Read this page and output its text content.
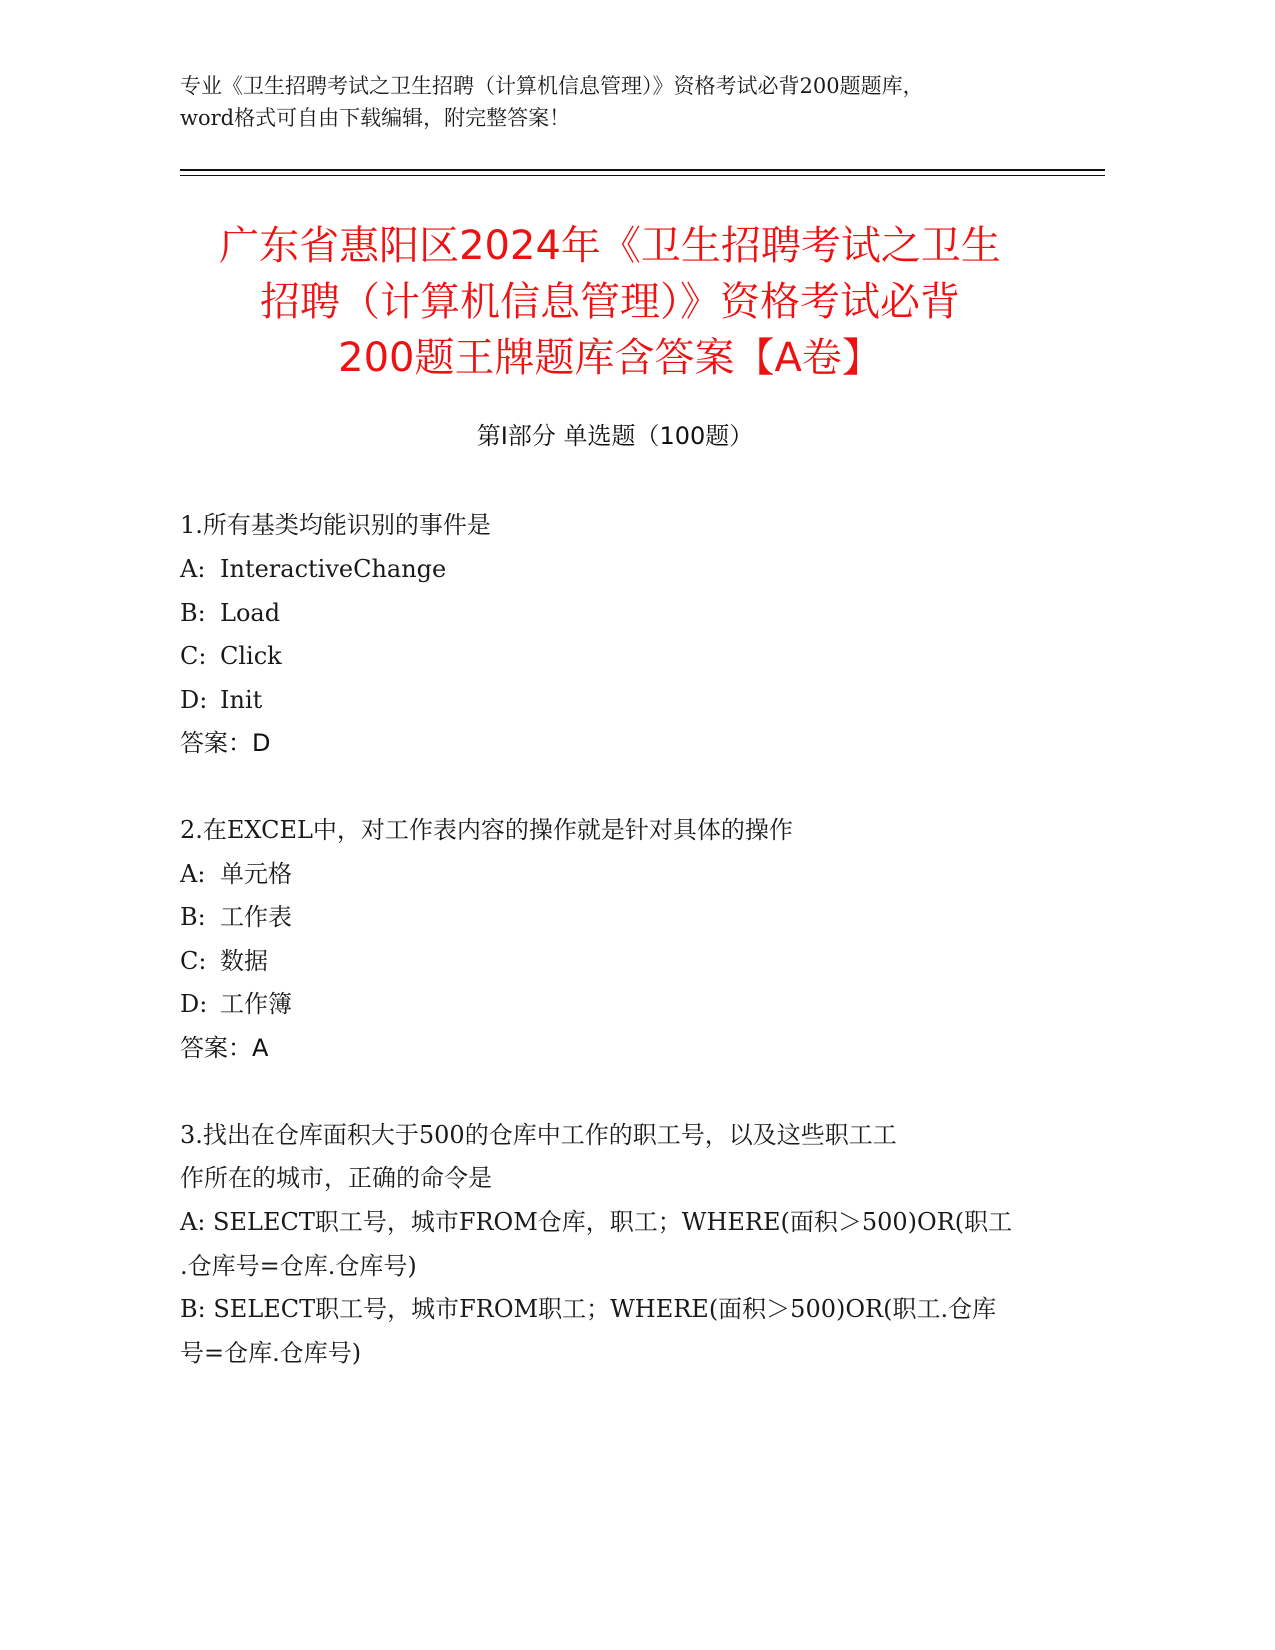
专业《卫生招聘考试之卫生招聘（计算机信息管理）》资格考试必背200题题库，
word格式可自由下载编辑，附完整答案！
广东省惠阳区2024年《卫生招聘考试之卫生
招聘（计算机信息管理）》资格考试必背
200题王牌题库含答案【A卷】
第Ⅰ部分 单选题（100题）
1.所有基类均能识别的事件是
A: InteractiveChange
B: Load
C: Click
D: Init
答案：D
2.在EXCEL中，对工作表内容的操作就是针对具体的操作
A: 单元格
B: 工作表
C: 数据
D: 工作簿
答案：A
3.找出在仓库面积大于500的仓库中工作的职工号，以及这些职工工
作所在的城市，正确的命令是
A: SELECT职工号，城市FROM仓库，职工；WHERE(面积＞500)OR(职工
.仓库号=仓库.仓库号)
B: SELECT职工号，城市FROM职工；WHERE(面积＞500)OR(职工.仓库
号=仓库.仓库号)
